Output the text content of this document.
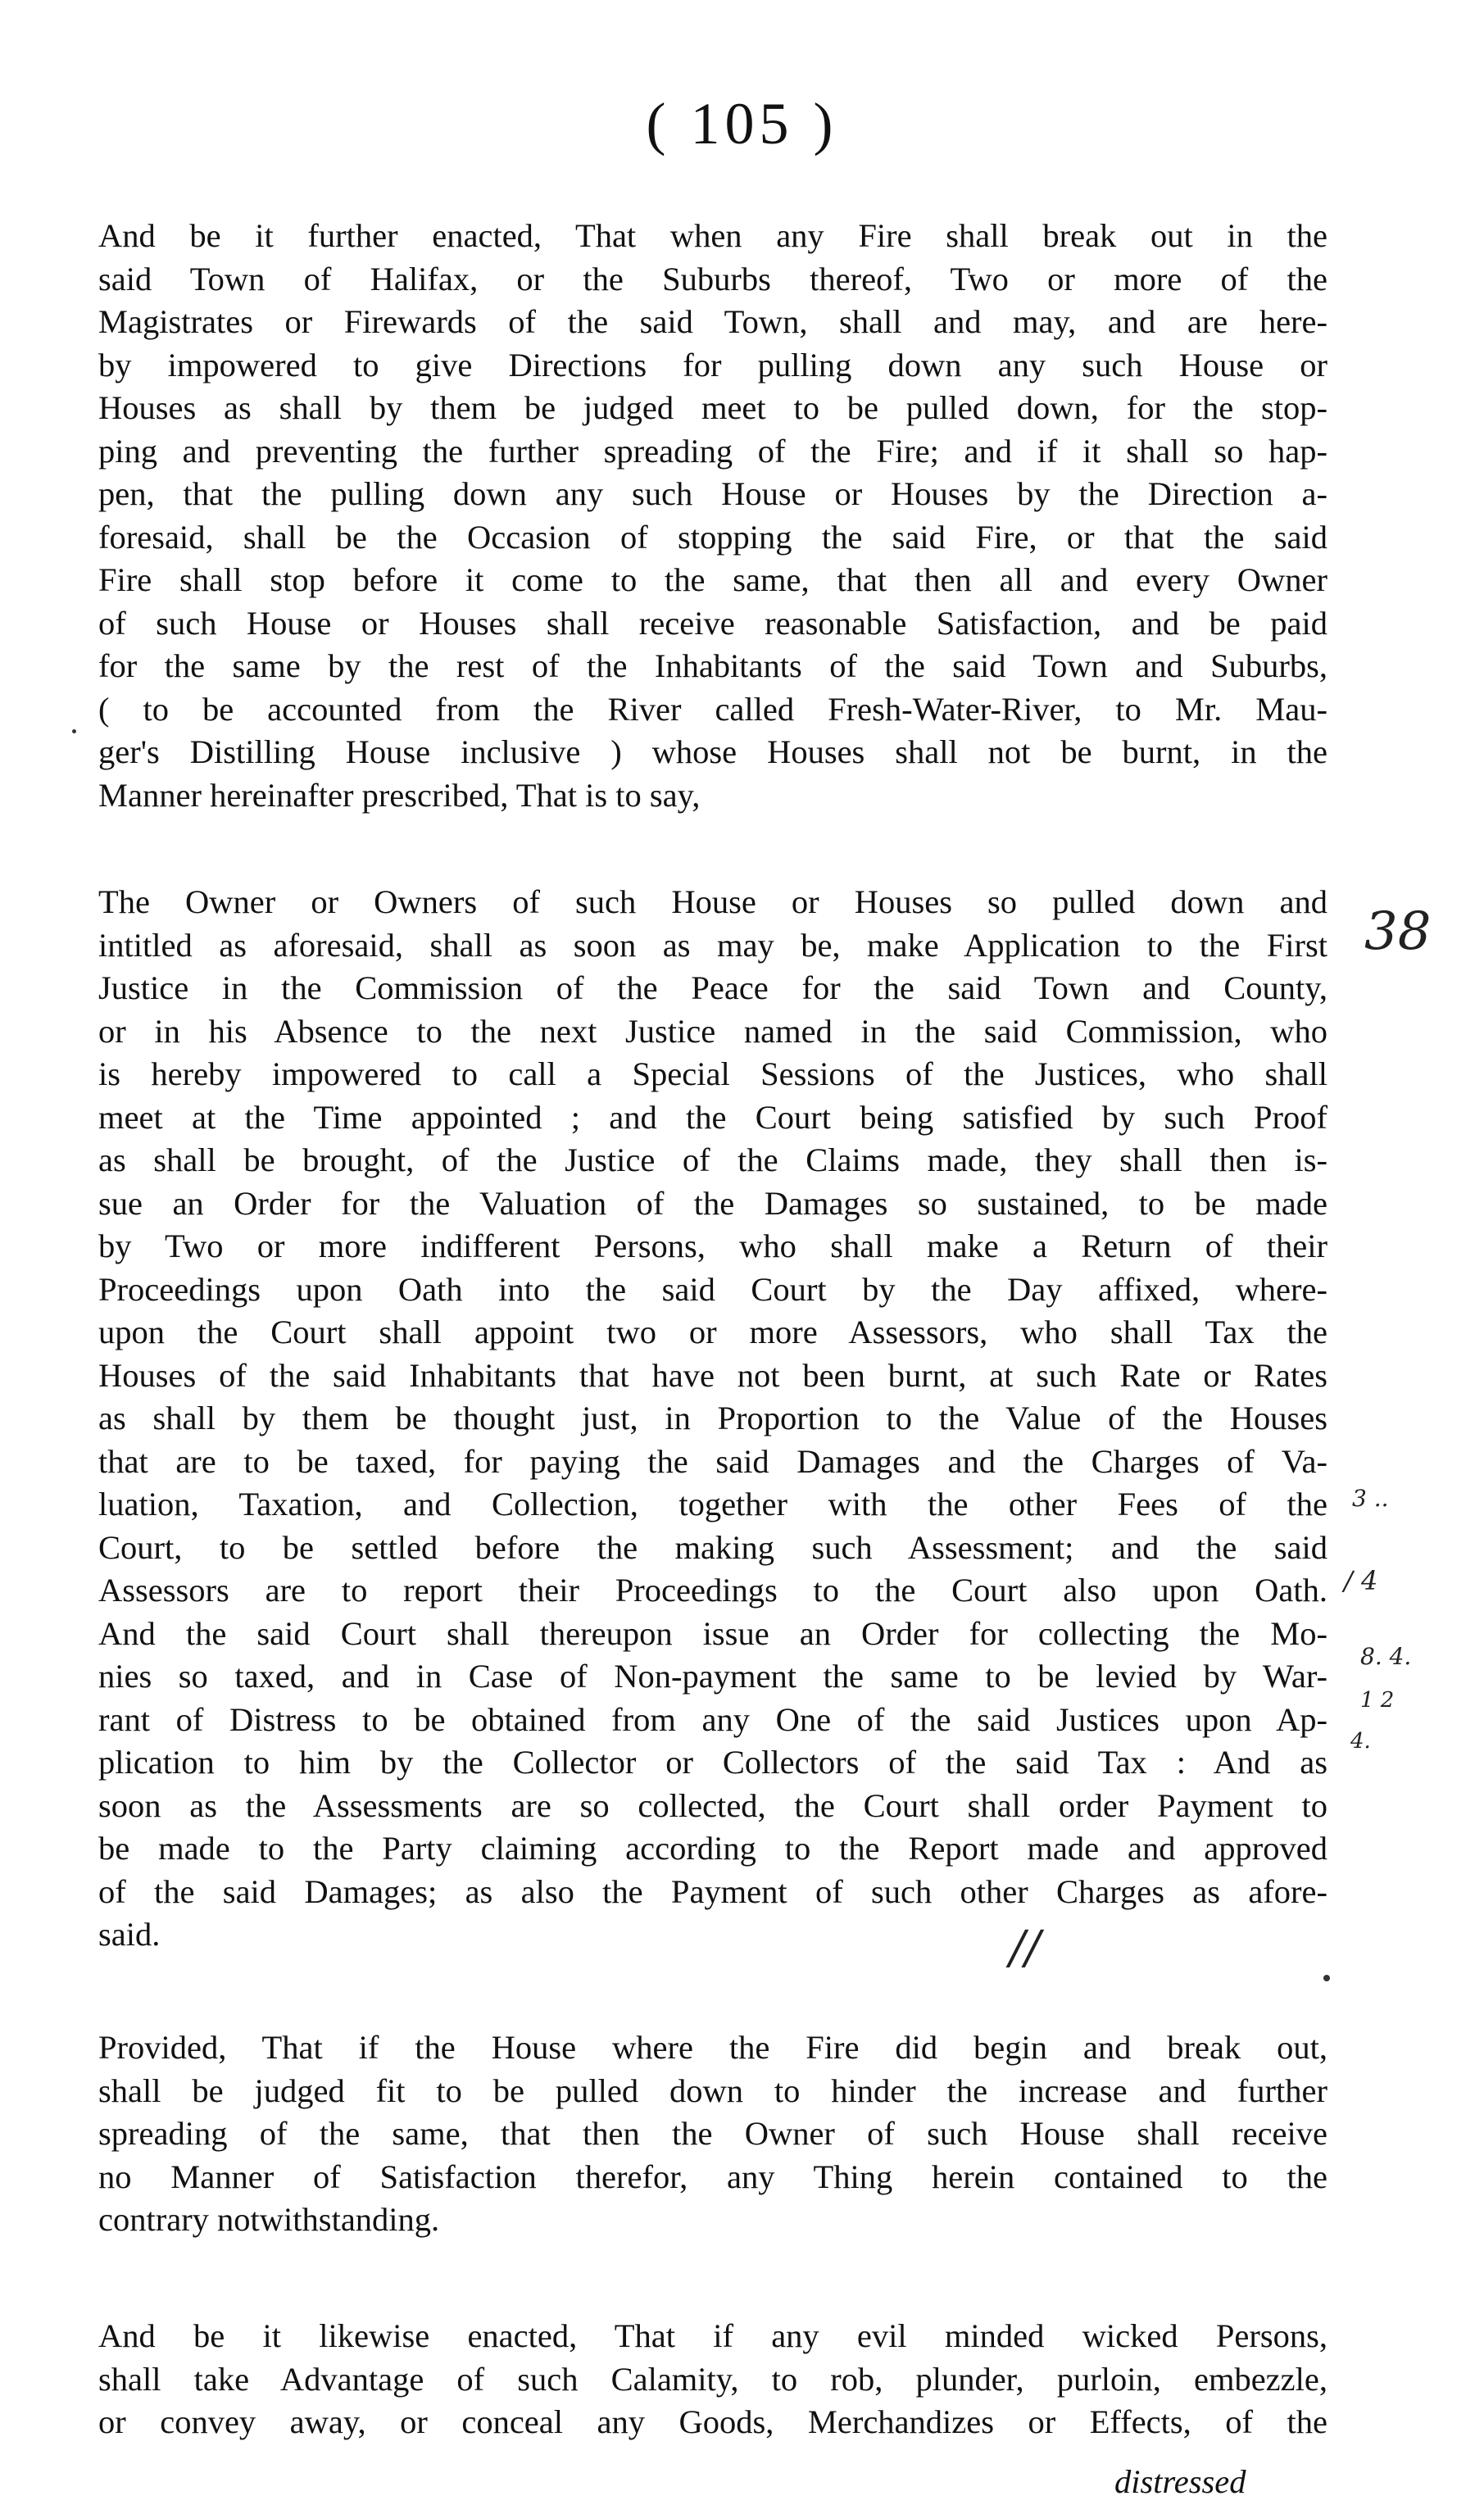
( 105 )
And be it further enacted, That when any Fire shall break out in the
said Town of Halifax, or the Suburbs thereof, Two or more of the
Magistrates or Firewards of the said Town, shall and may, and are here-
by impowered to give Directions for pulling down any such House or
Houses as shall by them be judged meet to be pulled down, for the stop-
ping and preventing the further spreading of the Fire; and if it shall so hap-
pen, that the pulling down any such House or Houses by the Direction a-
foresaid, shall be the Occasion of stopping the said Fire, or that the said
Fire shall stop before it come to the same, that then all and every Owner
of such House or Houses shall receive reasonable Satisfaction, and be paid
for the same by the rest of the Inhabitants of the said Town and Suburbs,
( to be accounted from the River called Fresh-Water-River, to Mr. Mau-
ger's Distilling House inclusive ) whose Houses shall not be burnt, in the
Manner hereinafter prescribed, That is to say,
The Owner or Owners of such House or Houses so pulled down and
intitled as aforesaid, shall as soon as may be, make Application to the First
Justice in the Commission of the Peace for the said Town and County,
or in his Absence to the next Justice named in the said Commission, who
is hereby impowered to call a Special Sessions of the Justices, who shall
meet at the Time appointed ; and the Court being satisfied by such Proof
as shall be brought, of the Justice of the Claims made, they shall then is-
sue an Order for the Valuation of the Damages so sustained, to be made
by Two or more indifferent Persons, who shall make a Return of their
Proceedings upon Oath into the said Court by the Day affixed, where-
upon the Court shall appoint two or more Assessors, who shall Tax the
Houses of the said Inhabitants that have not been burnt, at such Rate or Rates
as shall by them be thought just, in Proportion to the Value of the Houses
that are to be taxed, for paying the said Damages and the Charges of Va-
luation, Taxation, and Collection, together with the other Fees of the
Court, to be settled before the making such Assessment; and the said
Assessors are to report their Proceedings to the Court also upon Oath.
And the said Court shall thereupon issue an Order for collecting the Mo-
nies so taxed, and in Case of Non-payment the same to be levied by War-
rant of Distress to be obtained from any One of the said Justices upon Ap-
plication to him by the Collector or Collectors of the said Tax : And as
soon as the Assessments are so collected, the Court shall order Payment to
be made to the Party claiming according to the Report made and approved
of the said Damages; as also the Payment of such other Charges as afore-
said.
Provided, That if the House where the Fire did begin and break out,
shall be judged fit to be pulled down to hinder the increase and further
spreading of the same, that then the Owner of such House shall receive
no Manner of Satisfaction therefor, any Thing herein contained to the
contrary notwithstanding.
And be it likewise enacted, That if any evil minded wicked Persons,
shall take Advantage of such Calamity, to rob, plunder, purloin, embezzle,
or convey away, or conceal any Goods, Merchandizes or Effects, of the
distressed
38
3 ..
/ 4
8. 4.
1 2
4.
//
